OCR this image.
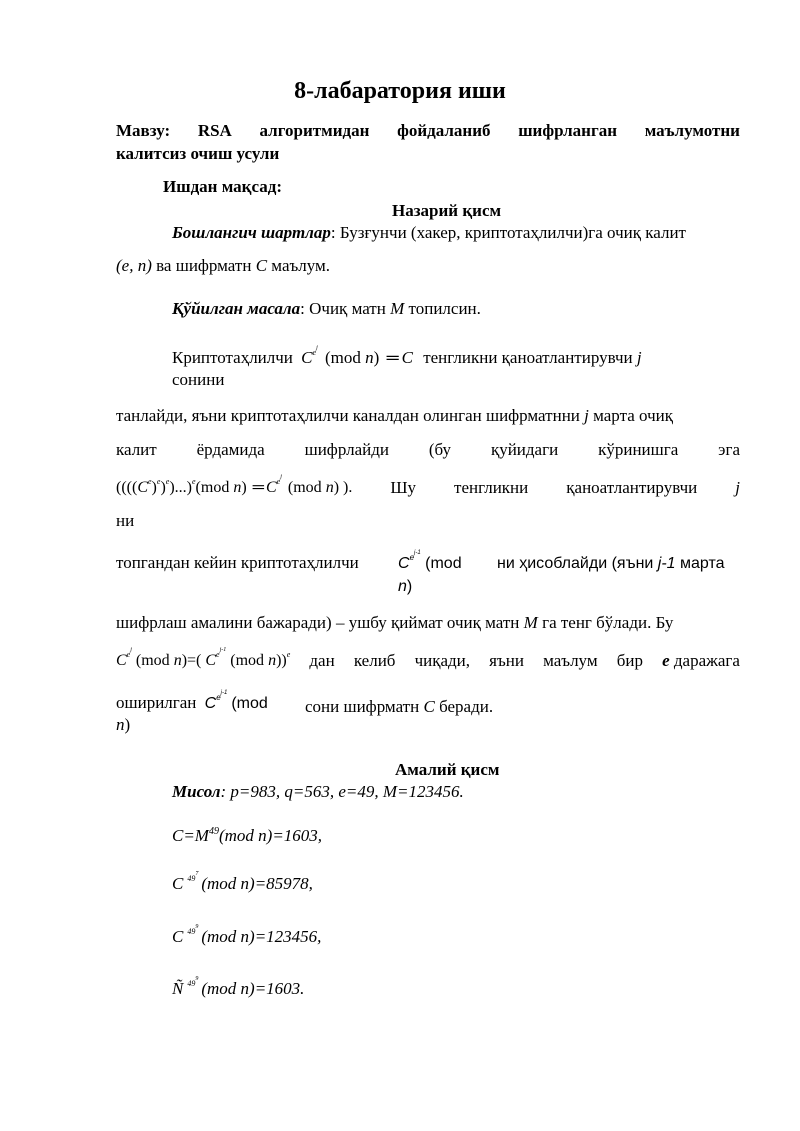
8-лабаратория иши
Мавзу: RSA алгоритмидан фойдаланиб шифрланган маълумотни
калитсиз очиш усули
Ишдан мақсад:
Назарий қисм
Бошлангич шартлар: Бузғунчи (хакер, криптотаҳлилчи)га очиқ калит
(e, n) ва шифрматн C маълум.
Қўйилган масала: Очиқ матн M топилсин.
Криптотаҳлилчи $C^{ej}$ (mod n) ═ C тенгликни қаноатлантирувчи j
сонини
танлайди, яъни криптотаҳлилчи каналдан олинган шифрматнни j марта очиқ
калит ёрдамида шифрлайди (бу қуйидаги кўринишга эга
$((((Ce)^e)^e)...)^e(mod$ n) ═ $C^{ej}(mod$ n) ). Шу тенгликни қаноатлантирувчи j
ни
топгандан кейин криптотаҳлилчи $C^{ej-1}$ (mod
n)
ни ҳисоблайди (яъни j-1 марта
шифрлаш амалини бажаради) – ушбу қиймат очиқ матн M га тенг бўлади. Бу
$C^{ej}(mod$ n)=( $C^{ej-1}(mod$ n))$^e$ дан келиб чиқади, яъни маълум бир e даражага
оширилган $C^{ej-1}(mod$
n)
сони шифрматн C беради.
Амалий қисм
Мисол: p=983, q=563, e=49, M=123456.
$C=M^{49}(mod$ n)=1603,
C $^{497}$ (mod n)=85978,
C $^{499}$ (mod n)=123456,
Ñ $^{499}$ (mod n)=1603.
